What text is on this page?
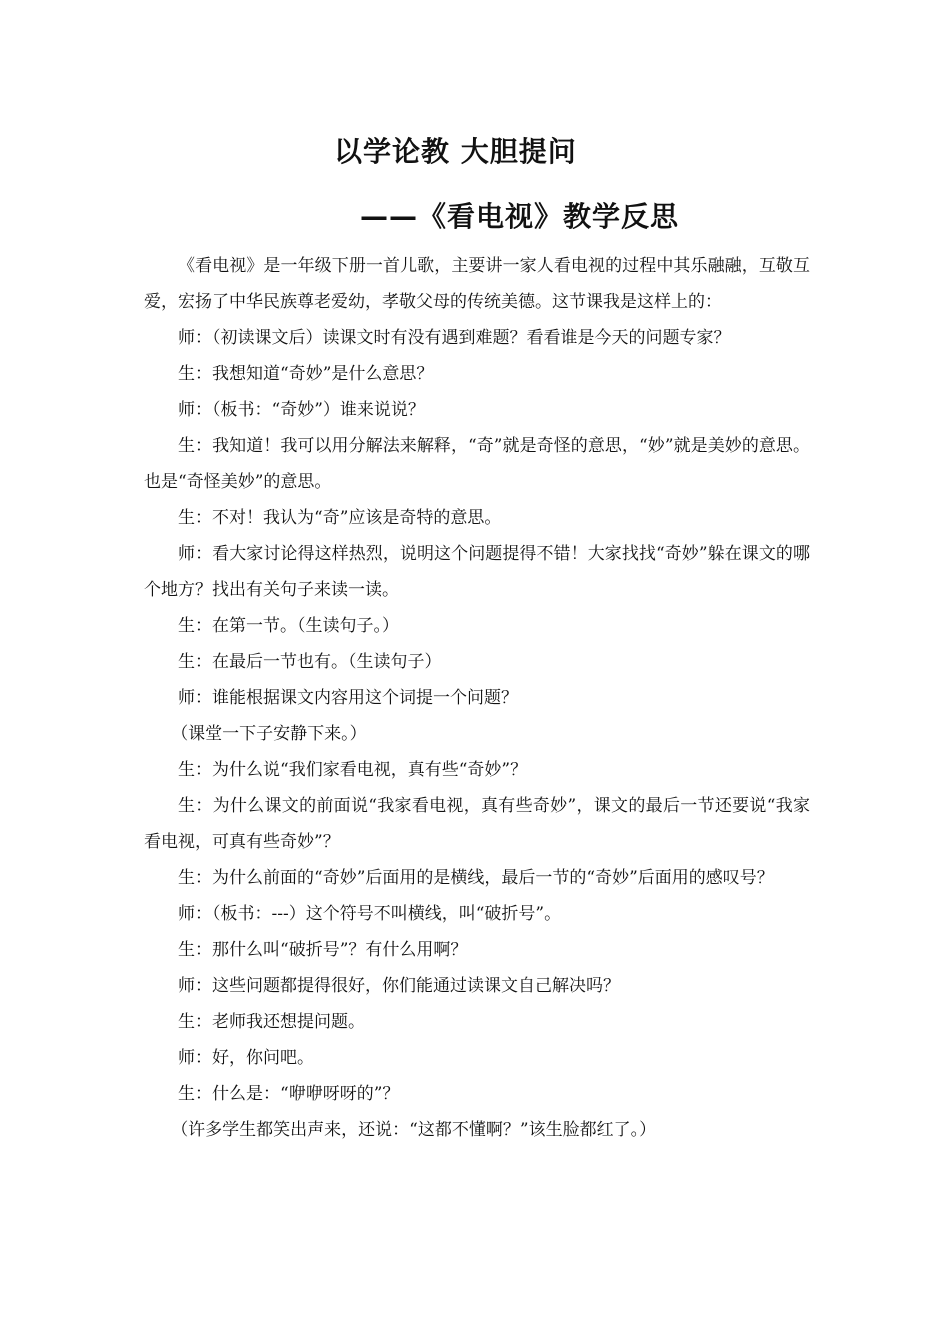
以学论教 大胆提问
——《看电视》教学反思

《看电视》是一年级下册一首儿歌，主要讲一家人看电视的过程中其乐融融，互敬互爱，宏扬了中华民族尊老爱幼，孝敬父母的传统美德。这节课我是这样上的：

师：（初读课文后）读课文时有没有遇到难题？看看谁是今天的问题专家？

生：我想知道“奇妙”是什么意思？

师：（板书：“奇妙”）谁来说说？

生：我知道！我可以用分解法来解释，“奇”就是奇怪的意思，“妙”就是美妙的意思。也是“奇怪美妙”的意思。

生：不对！我认为“奇”应该是奇特的意思。

师：看大家讨论得这样热烈，说明这个问题提得不错！大家找找“奇妙”躲在课文的哪个地方？找出有关句子来读一读。

生：在第一节。（生读句子。）

生：在最后一节也有。（生读句子）

师：谁能根据课文内容用这个词提一个问题？

（课堂一下子安静下来。）

生：为什么说“我们家看电视，真有些“奇妙”？

生：为什么课文的前面说“我家看电视，真有些奇妙”，课文的最后一节还要说“我家看电视，可真有些奇妙”？

生：为什么前面的“奇妙”后面用的是横线，最后一节的“奇妙”后面用的感叹号？

师：（板书：---）这个符号不叫横线，叫“破折号”。

生：那什么叫“破折号”？有什么用啊？

师：这些问题都提得很好，你们能通过读课文自己解决吗？

生：老师我还想提问题。

师：好，你问吧。

生：什么是：“咿咿呀呀的”？

（许多学生都笑出声来，还说：“这都不懂啊？”该生脸都红了。）
